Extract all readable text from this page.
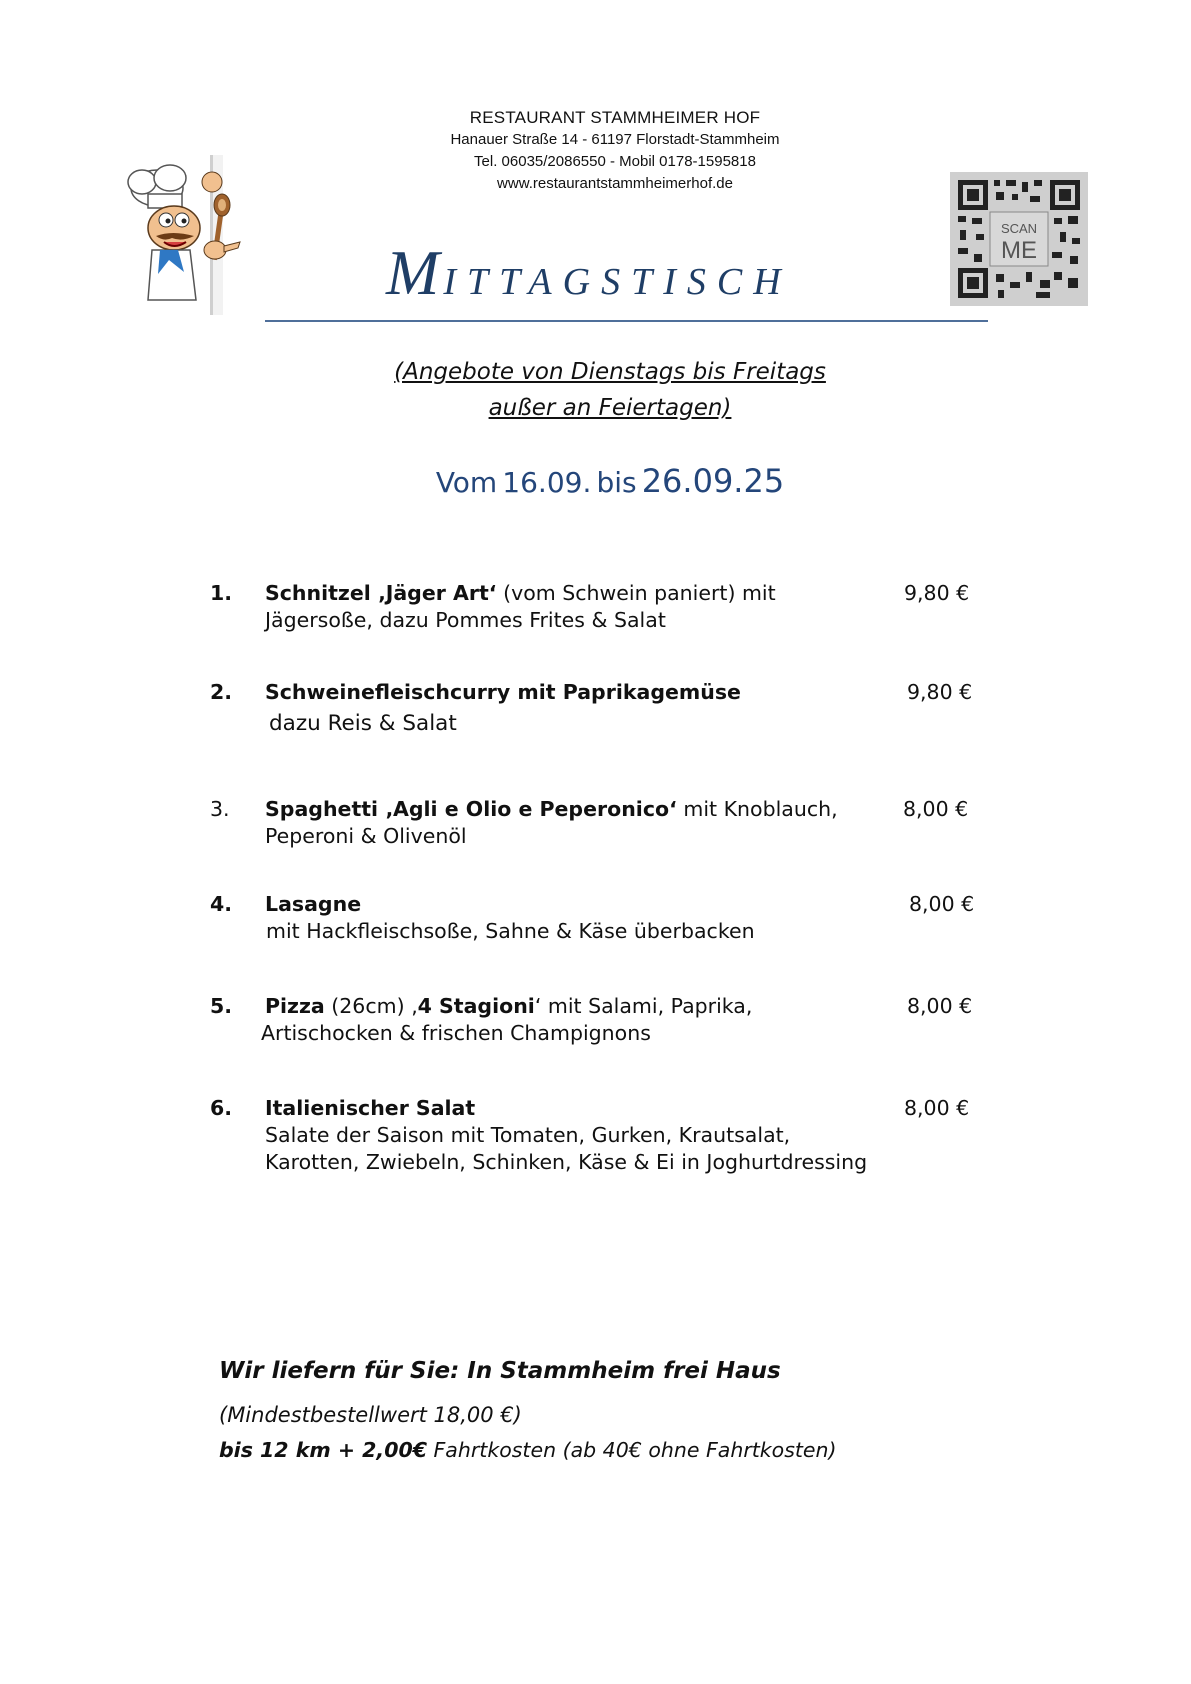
RESTAURANT STAMMHEIMER HOF
Hanauer Straße 14 - 61197 Florstadt-Stammheim
Tel. 06035/2086550 - Mobil 0178-1595818
www.restaurantstammheimerhof.de
SCAN
ME
MITTAGSTISCH
(Angebote von Dienstags bis Freitags
außer an Feiertagen)
Vom 16.09. bis 26.09.25
1. Schnitzel ‚Jäger Art‘ (vom Schwein paniert) mit
Jägersoße, dazu Pommes Frites & Salat
9,80 €
2. Schweinefleischcurry mit Paprikagemüse
dazu Reis & Salat
9,80 €
3. Spaghetti ‚Agli e Olio e Peperonico‘ mit Knoblauch,
Peperoni & Olivenöl
8,00 €
4. Lasagne
mit Hackfleischsoße, Sahne & Käse überbacken
8,00 €
5. Pizza (26cm) ‚4 Stagioni‘ mit Salami, Paprika,
Artischocken & frischen Champignons
8,00 €
6. Italienischer Salat
Salate der Saison mit Tomaten, Gurken, Krautsalat,
Karotten, Zwiebeln, Schinken, Käse & Ei in Joghurtdressing
8,00 €
Wir liefern für Sie: In Stammheim frei Haus
(Mindestbestellwert 18,00 €)
bis 12 km + 2,00€ Fahrtkosten (ab 40€ ohne Fahrtkosten)
